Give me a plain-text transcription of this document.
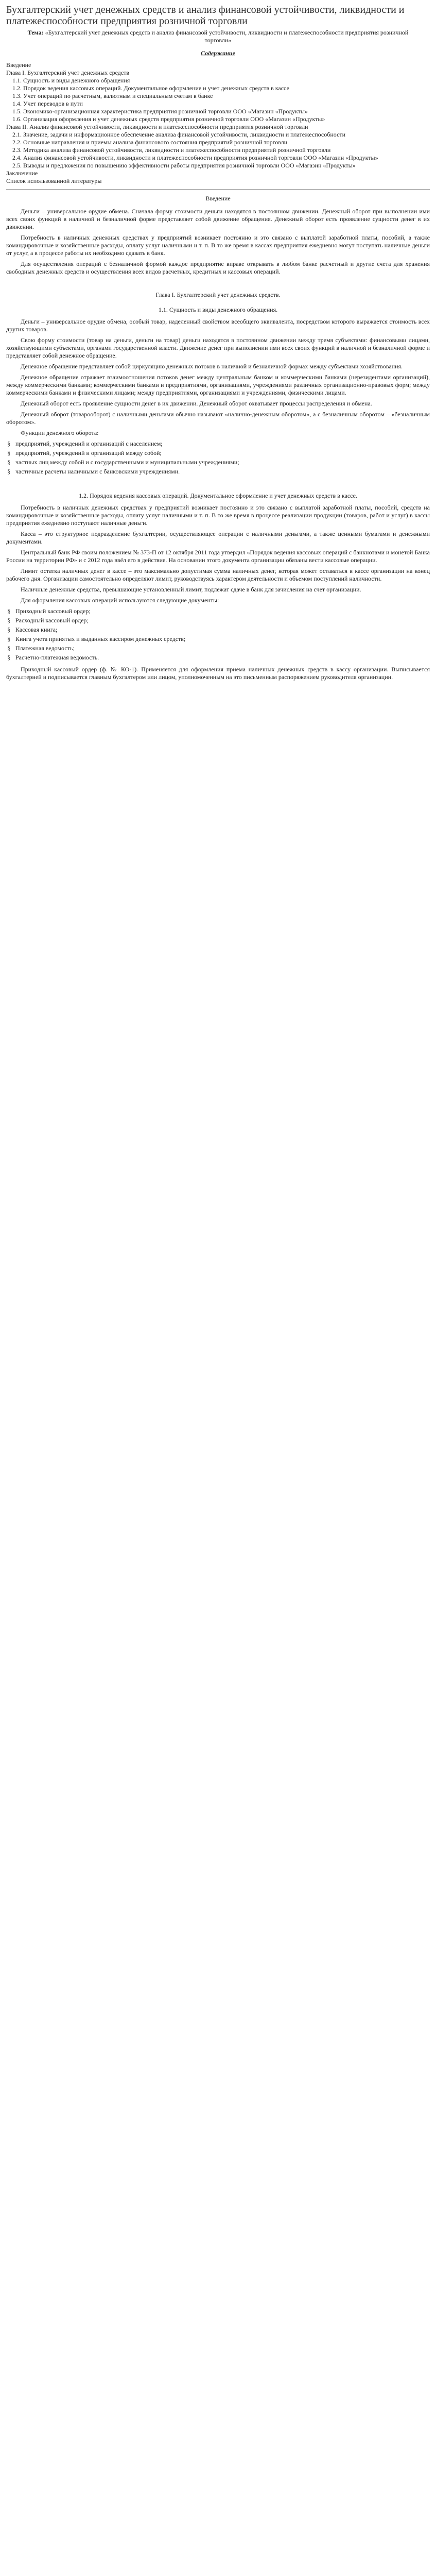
Бухгалтерский учет денежных средств и анализ финансовой устойчивости, ликвидности и платежеспособности предприятия розничной торговли
Тема: «Бухгалтерский учет денежных средств и анализ финансовой устойчивости, ликвидности и платежеспособности предприятия розничной торговли»
Содержание
Введение
Глава I. Бухгалтерский учет денежных средств
1.1. Сущность и виды денежного обращения
1.2. Порядок ведения кассовых операций. Документальное оформление и учет денежных средств в кассе
1.3. Учет операций по расчетным, валютным и специальным счетам в банке
1.4. Учет переводов в пути
1.5. Экономико-организационная характеристика предприятия розничной торговли ООО «Магазин «Продукты»
1.6. Организация оформления и учет денежных средств предприятия розничной торговли ООО «Магазин «Продукты»
Глава II. Анализ финансовой устойчивости, ликвидности и платежеспособности предприятия розничной торговли
2.1. Значение, задачи и информационное обеспечение анализа финансовой устойчивости, ликвидности и платежеспособности
2.2. Основные направления и приемы анализа финансового состояния предприятий розничной торговли
2.3. Методика анализа финансовой устойчивости, ликвидности и платежеспособности предприятий розничной торговли
2.4. Анализ финансовой устойчивости, ликвидности и платежеспособности предприятия розничной торговли ООО «Магазин «Продукты»
2.5. Выводы и предложения по повышению эффективности работы предприятия розничной торговли ООО «Магазин «Продукты»
Заключение
Список использованной литературы
Введение

Деньги – универсальное орудие обмена. Сначала форму стоимости деньги находятся в постоянном движении. Денежный оборот при выполнении ими всех своих функций в наличной и безналичной форме представляет собой движение обращения. Денежный оборот есть проявление сущности денег в их движении.

Потребность в наличных денежных средствах у предприятий возникает постоянно и это связано с выплатой заработной платы, пособий, а также командировочные и хозяйственные расходы, оплату услуг наличными и т. п. В то же время в кассах предприятия ежедневно могут поступать наличные деньги от услуг, а в процессе работы их необходимо сдавать в банк.

Для осуществления операций с безналичной формой каждое предприятие вправе открывать в любом банке расчетный и другие счета для хранения свободных денежных средств и осуществления всех видов расчетных, кредитных и кассовых операций.

Глава I. Бухгалтерский учет денежных средств.
1.1. Сущность и виды денежного обращения.

Деньги – универсальное орудие обмена, особый товар, наделенный свойством всеобщего эквивалента, посредством которого выражается стоимость всех других товаров.

Свою форму стоимости (товар на деньги, деньги на товар) деньги находятся в постоянном движении между тремя субъектами: финансовыми лицами, хозяйствующими субъектами, органами государственной власти. Движение денег при выполнении ими всех своих функций в наличной и безналичной форме и представляет собой денежное обращение.

Денежное обращение представляет собой циркуляцию денежных потоков в наличной и безналичной формах между субъектами хозяйствования.

Денежное обращение отражает взаимоотношения потоков денег между центральным банком и коммерческими банками (нерезидентами организаций), между коммерческими банками; коммерческими банками и предприятиями, организациями, учреждениями различных организационно-правовых форм; между коммерческими банками и физическими лицами; между предприятиями, организациями и учреждениями, физическими лицами.

Денежный оборот есть проявление сущности денег в их движении. Денежный оборот охватывает процессы распределения и обмена.

Денежный оборот (товарооборот) с наличными деньгами обычно называют «налично-денежным оборотом», а с безналичным оборотом – «безналичным оборотом».

Функции денежного оборота:

§ предприятий, учреждений и организаций с населением;
§ предприятий, учреждений и организаций между собой;
§ частных лиц между собой и с государственными и муниципальными учреждениями;
§ частичные расчеты наличными с банковскими учреждениями.
1.2. Порядок ведения кассовых операций. Документальное оформление и учет денежных средств в кассе.

Потребность в наличных денежных средствах у предприятий возникает постоянно и это связано с выплатой заработной платы, пособий, средств на командировочные и хозяйственные расходы, оплату услуг наличными и т. п. В то же время в процессе реализации продукции (товаров, работ и услуг) в кассы предприятия ежедневно поступают наличные деньги.

Касса – это структурное подразделение бухгалтерии, осуществляющее операции с наличными деньгами, а также ценными бумагами и денежными документами.

Центральный банк РФ своим положением № 373-П от 12 октября 2011 года утвердил «Порядок ведения кассовых операций с банкнотами и монетой Банка России на территории РФ» и с 2012 года ввёл его в действие. На основании этого документа организации обязаны вести кассовые операции.

Лимит остатка наличных денег в кассе – это максимально допустимая сумма наличных денег, которая может оставаться в кассе организации на конец рабочего дня. Организации самостоятельно определяют лимит, руководствуясь характером деятельности и объемом поступлений наличности.

Наличные денежные средства, превышающие установленный лимит, подлежат сдаче в банк для зачисления на счет организации.

Для оформления кассовых операций используются следующие документы:

§ Приходный кассовый ордер;
§ Расходный кассовый ордер;
§ Кассовая книга;
§ Книга учета принятых и выданных кассиром денежных средств;
§ Платежная ведомость;
§ Расчетно-платежная ведомость.

Приходный кассовый ордер (ф. № КО-1). Применяется для оформления приема наличных денежных средств в кассу организации. Выписывается бухгалтерией и подписывается главным бухгалтером или лицом, уполномоченным на это письменным распоряжением руководителя организации.
